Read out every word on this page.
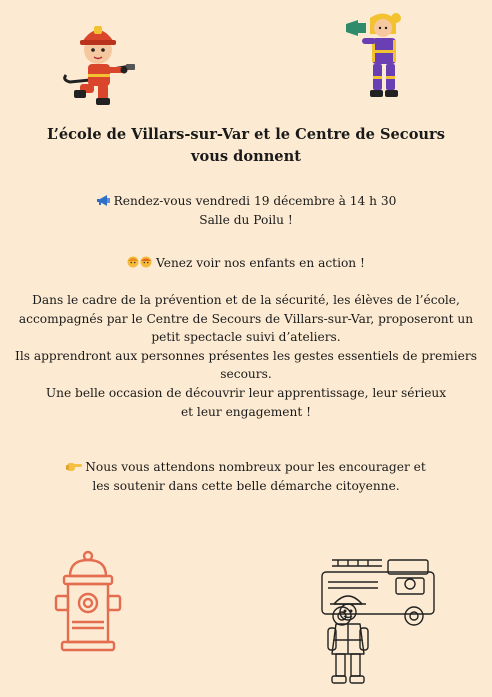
L’école de Villars-sur-Var et le Centre de Secours
vous donnent
Rendez-vous vendredi 19 décembre à 14 h 30
Salle du Poilu !
Venez voir nos enfants en action !
Dans le cadre de la prévention et de la sécurité, les élèves de l’école,
accompagnés par le Centre de Secours de Villars-sur-Var, proposeront un
petit spectacle suivi d’ateliers.
Ils apprendront aux personnes présentes les gestes essentiels de premiers
secours.
Une belle occasion de découvrir leur apprentissage, leur sérieux
et leur engagement !
Nous vous attendons nombreux pour les encourager et
les soutenir dans cette belle démarche citoyenne.
